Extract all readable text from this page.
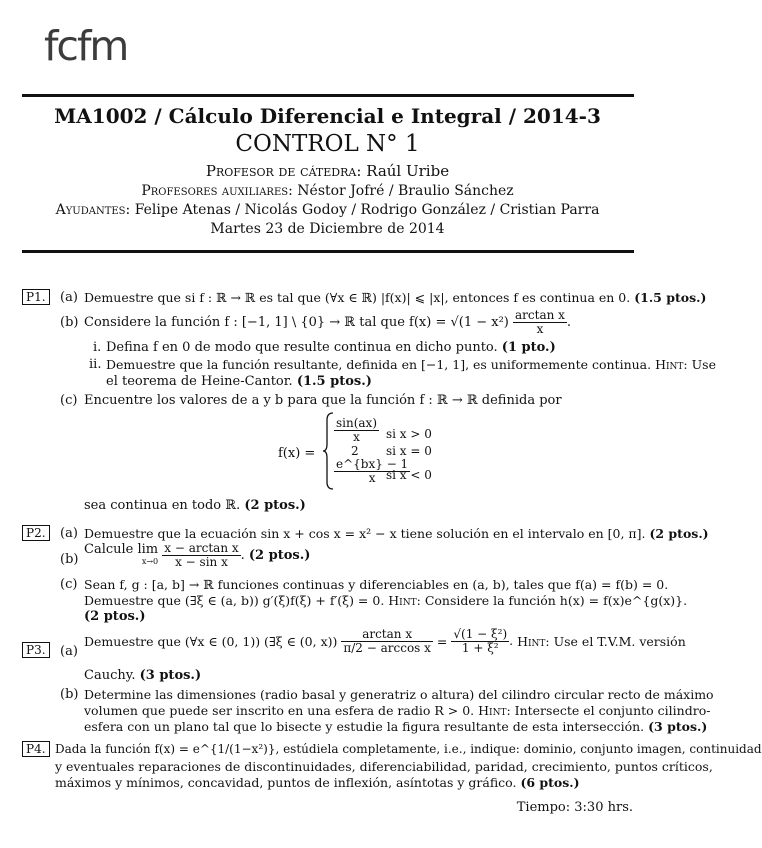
fcfm
MA1002 / Cálculo Diferencial e Integral / 2014-3
CONTROL N° 1
Profesor de cátedra: Raúl Uribe
Profesores auxiliares: Néstor Jofré / Braulio Sánchez
Ayudantes: Felipe Atenas / Nicolás Godoy / Rodrigo González / Cristian Parra
Martes 23 de Diciembre de 2014
P1.	(a) Demuestre que si f : ℝ → ℝ es tal que (∀x ∈ ℝ) |f(x)| ⩽ |x|, entonces f es continua en 0. (1.5 ptos.)
(b) Considere la función f : [−1, 1] \ {0} → ℝ tal que $f(x) = √(1 - x^2) \frac{\text{arctan x}}{x}$ .
i. Defina f en 0 de modo que resulte continua en dicho punto. (1 pto.)
ii. Demuestre que la función resultante, definida en [−1, 1], es uniformemente continua. Hint: Use
el teorema de Heine-Cantor. (1.5 ptos.)
(c) Encuentre los valores de a y b para que la función f : ℝ → ℝ definida por
f(x) =
$\frac{\sin(ax)}{x}$ si x > 0
2 si x = 0
$\frac{e\^{}\{bx\} - 1}{x}$
si x < 0
sea continua en todo ℝ. (2 ptos.)
P2.	(a) Demuestre que la ecuación sin x + cos x = x² − x tiene solución en el intervalo en [0, π]. (2 ptos.)
(b)
Calcule lim
x→0
$\frac{\text{x − arctan x}}{\text{x − sin x}}$ . (2 ptos.)
(c) Sean f, g : [a, b] → ℝ funciones continuas y diferenciables en (a, b), tales que f(a) = f(b) = 0.
Demuestre que (∃ξ ∈ (a, b)) g′(ξ)f(ξ) + f′(ξ) = 0. Hint: Considere la función h(x) = f(x)e^{g(x)}.
(2 ptos.)
P3.	(a)
Demuestre que (∀x ∈ (0, 1)) (∃ξ ∈ (0, $x)) \frac{\text{arctan x}}{\text{π/2 − arccos x}} = \frac{\text{√(1 − ξ²)}}{\text{1 + ξ²}}$ . Hint: Use el T.V.M. versión
Cauchy. (3 ptos.)
(b) Determine las dimensiones (radio basal y generatriz o altura) del cilindro circular recto de máximo
volumen que puede ser inscrito en una esfera de radio R > 0. Hint: Intersecte el conjunto cilindro-
esfera con un plano tal que lo bisecte y estudie la figura resultante de esta intersección. (3 ptos.)
P4. Dada la función f(x) = e^{1/(1−x²)}, estúdiela completamente, i.e., indique: dominio, conjunto imagen, continuidad
y eventuales reparaciones de discontinuidades, diferenciabilidad, paridad, crecimiento, puntos críticos,
máximos y mínimos, concavidad, puntos de inflexión, asíntotas y gráfico. (6 ptos.)
Tiempo: 3:30 hrs.
